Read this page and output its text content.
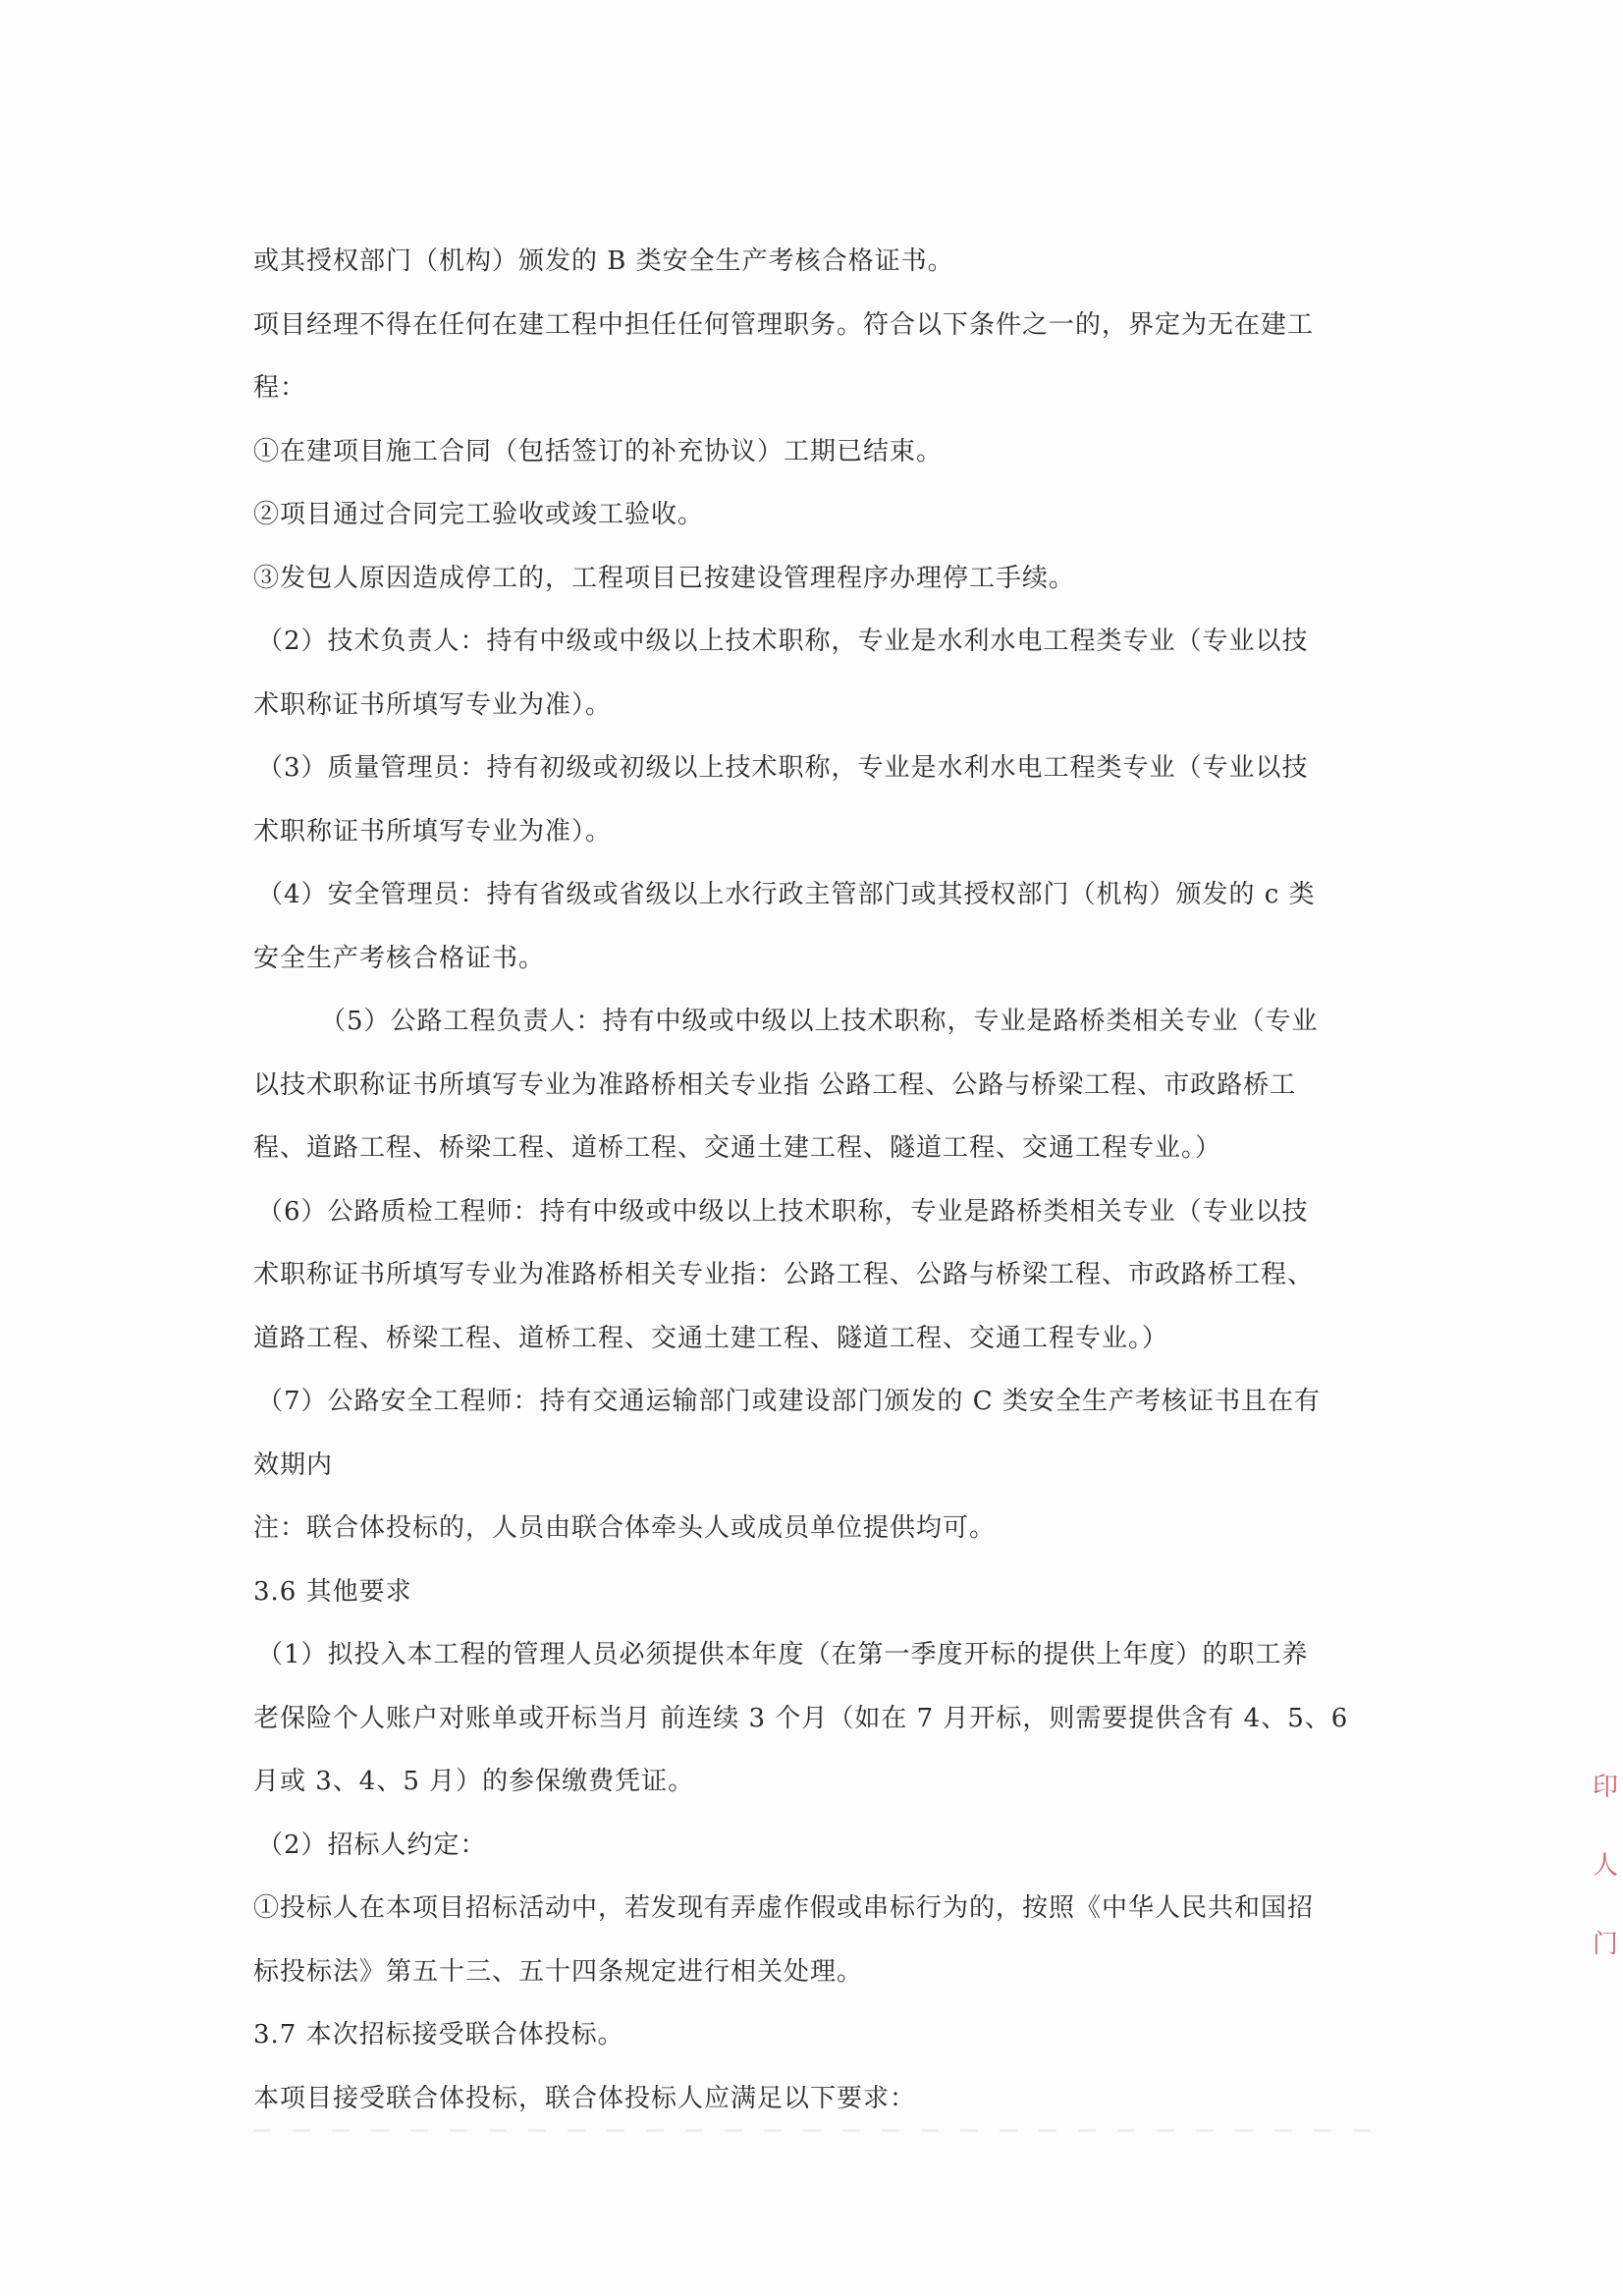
或其授权部门（机构）颁发的 B 类安全生产考核合格证书。
项目经理不得在任何在建工程中担任任何管理职务。符合以下条件之一的，界定为无在建工
程：
①在建项目施工合同（包括签订的补充协议）工期已结束。
②项目通过合同完工验收或竣工验收。
③发包人原因造成停工的，工程项目已按建设管理程序办理停工手续。
（2）技术负责人：持有中级或中级以上技术职称，专业是水利水电工程类专业（专业以技
术职称证书所填写专业为准）。
（3）质量管理员：持有初级或初级以上技术职称，专业是水利水电工程类专业（专业以技
术职称证书所填写专业为准）。
（4）安全管理员：持有省级或省级以上水行政主管部门或其授权部门（机构）颁发的 c 类
安全生产考核合格证书。
（5）公路工程负责人：持有中级或中级以上技术职称，专业是路桥类相关专业（专业
以技术职称证书所填写专业为准路桥相关专业指 公路工程、公路与桥梁工程、市政路桥工
程、道路工程、桥梁工程、道桥工程、交通土建工程、隧道工程、交通工程专业。）
（6）公路质检工程师：持有中级或中级以上技术职称，专业是路桥类相关专业（专业以技
术职称证书所填写专业为准路桥相关专业指：公路工程、公路与桥梁工程、市政路桥工程、
道路工程、桥梁工程、道桥工程、交通土建工程、隧道工程、交通工程专业。）
（7）公路安全工程师：持有交通运输部门或建设部门颁发的 C 类安全生产考核证书且在有
效期内
注：联合体投标的，人员由联合体牵头人或成员单位提供均可。
3.6 其他要求
（1）拟投入本工程的管理人员必须提供本年度（在第一季度开标的提供上年度）的职工养
老保险个人账户对账单或开标当月 前连续 3 个月（如在 7 月开标，则需要提供含有 4、5、6
月或 3、4、5 月）的参保缴费凭证。
（2）招标人约定：
①投标人在本项目招标活动中，若发现有弄虚作假或串标行为的，按照《中华人民共和国招
标投标法》第五十三、五十四条规定进行相关处理。
3.7 本次招标接受联合体投标。
本项目接受联合体投标，联合体投标人应满足以下要求：
印
人
门
